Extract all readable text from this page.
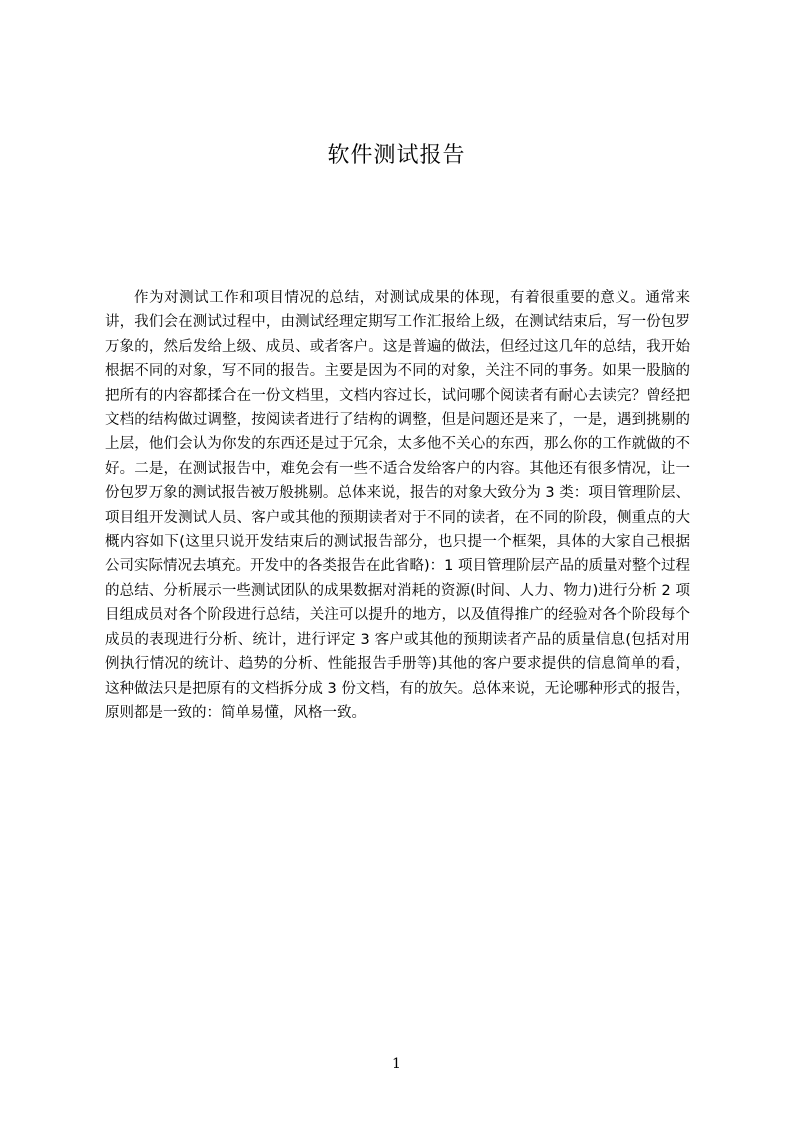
软件测试报告

作为对测试工作和项目情况的总结，对测试成果的体现，有着很重要的意义。通常来讲，我们会在测试过程中，由测试经理定期写工作汇报给上级，在测试结束后，写一份包罗万象的，然后发给上级、成员、或者客户。这是普遍的做法，但经过这几年的总结，我开始根据不同的对象，写不同的报告。主要是因为不同的对象，关注不同的事务。如果一股脑的把所有的内容都揉合在一份文档里，文档内容过长，试问哪个阅读者有耐心去读完？曾经把文档的结构做过调整，按阅读者进行了结构的调整，但是问题还是来了，一是，遇到挑剔的上层，他们会认为你发的东西还是过于冗余，太多他不关心的东西，那么你的工作就做的不好。二是，在测试报告中，难免会有一些不适合发给客户的内容。其他还有很多情况，让一份包罗万象的测试报告被万般挑剔。总体来说，报告的对象大致分为 3 类：项目管理阶层、项目组开发测试人员、客户或其他的预期读者对于不同的读者，在不同的阶段，侧重点的大概内容如下(这里只说开发结束后的测试报告部分，也只提一个框架，具体的大家自己根据公司实际情况去填充。开发中的各类报告在此省略)：1 项目管理阶层产品的质量对整个过程的总结、分析展示一些测试团队的成果数据对消耗的资源(时间、人力、物力)进行分析 2 项目组成员对各个阶段进行总结，关注可以提升的地方，以及值得推广的经验对各个阶段每个成员的表现进行分析、统计，进行评定 3 客户或其他的预期读者产品的质量信息(包括对用例执行情况的统计、趋势的分析、性能报告手册等)其他的客户要求提供的信息简单的看，这种做法只是把原有的文档拆分成 3 份文档，有的放矢。总体来说，无论哪种形式的报告，原则都是一致的：简单易懂，风格一致。

1
